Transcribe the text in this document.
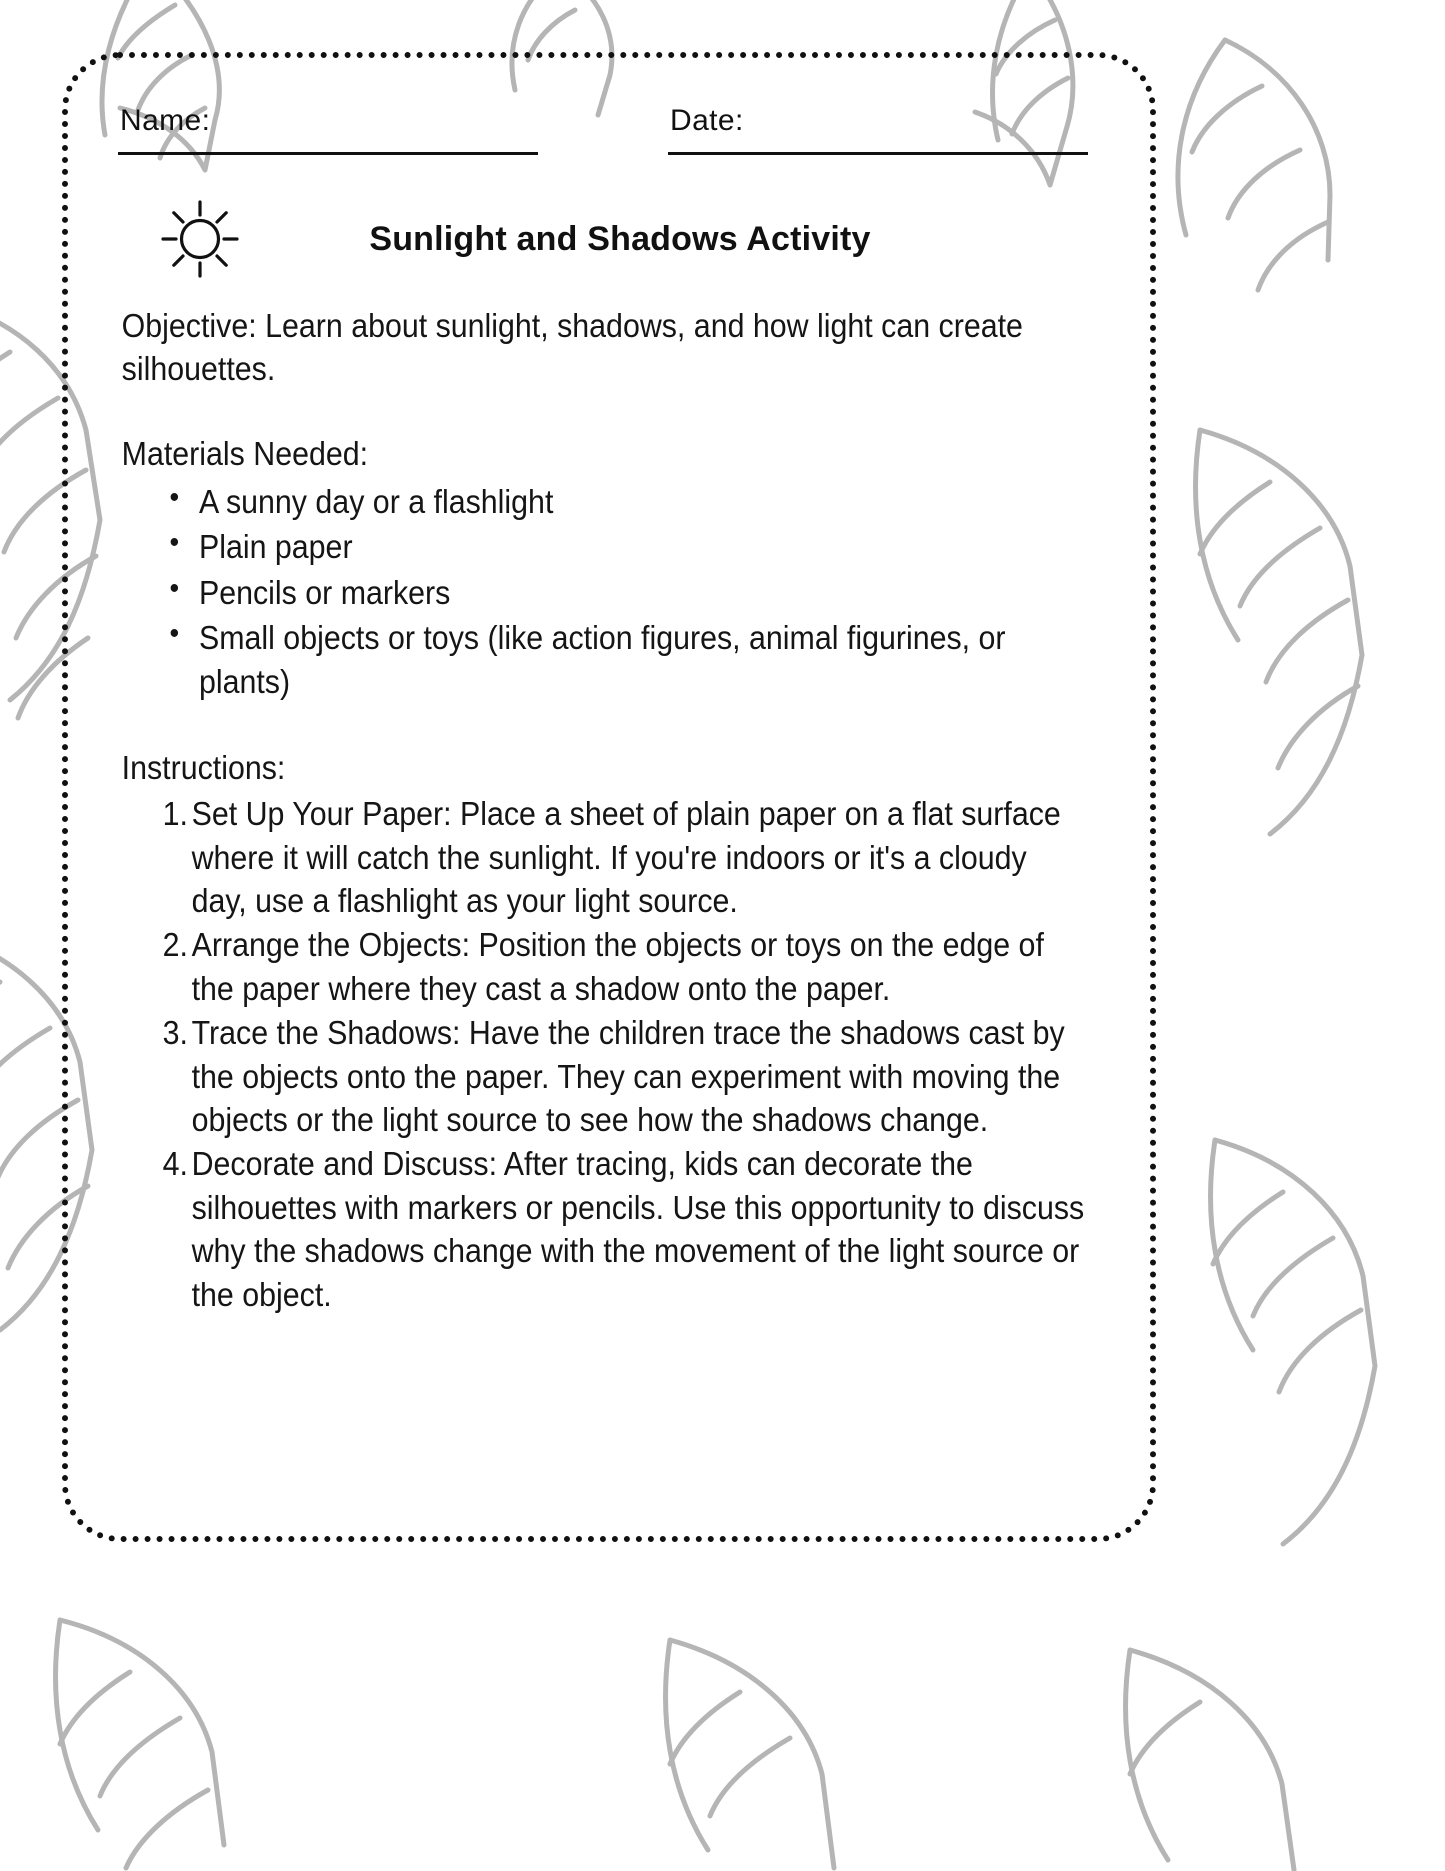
Name:	Date:
Sunlight and Shadows Activity

Objective: Learn about sunlight, shadows, and how light can create silhouettes.

Materials Needed:

• A sunny day or a flashlight
• Plain paper
• Pencils or markers
• Small objects or toys (like action figures, animal figurines, or plants)

Instructions:

Set Up Your Paper: Place a sheet of plain paper on a flat surface where it will catch the sunlight. If you're indoors or it's a cloudy day, use a flashlight as your light source.
Arrange the Objects: Position the objects or toys on the edge of the paper where they cast a shadow onto the paper.
Trace the Shadows: Have the children trace the shadows cast by the objects onto the paper. They can experiment with moving the objects or the light source to see how the shadows change.
Decorate and Discuss: After tracing, kids can decorate the silhouettes with markers or pencils. Use this opportunity to discuss why the shadows change with the movement of the light source or the object.
